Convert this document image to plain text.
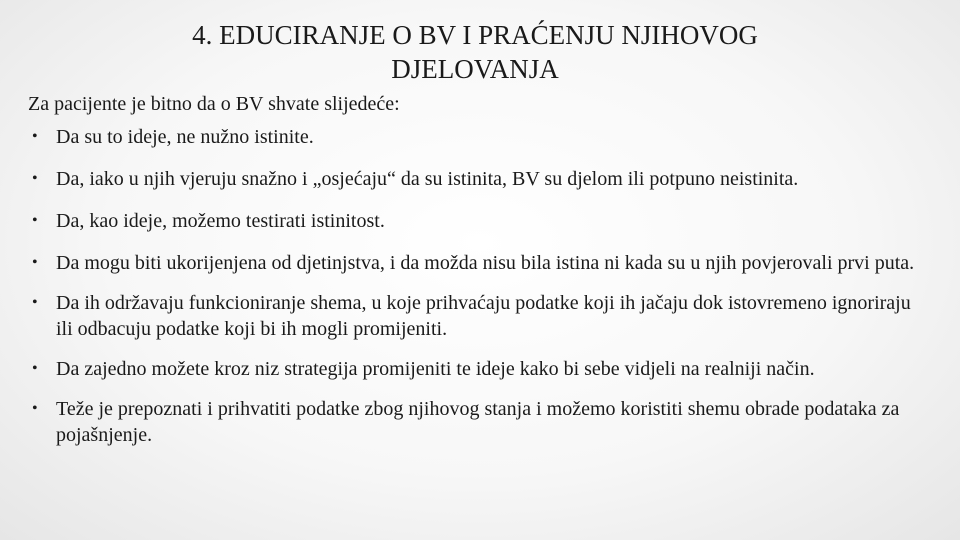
4. EDUCIRANJE O BV I PRAĆENJU NJIHOVOG
DJELOVANJA

Za pacijente je bitno da o BV shvate slijedeće:

• Da su to ideje, ne nužno istinite.
• Da, iako u njih vjeruju snažno i „osjećaju“ da su istinita, BV su djelom ili potpuno neistinita.
• Da, kao ideje, možemo testirati istinitost.
• Da mogu biti ukorijenjena od djetinjstva, i da možda nisu bila istina ni kada su u njih povjerovali prvi puta.
• Da ih održavaju funkcioniranje shema, u koje prihvaćaju podatke koji ih jačaju dok istovremeno ignoriraju ili odbacuju podatke koji bi ih mogli promijeniti.
• Da zajedno možete kroz niz strategija promijeniti te ideje kako bi sebe vidjeli na realniji način.
• Teže je prepoznati i prihvatiti podatke zbog njihovog stanja i možemo koristiti shemu obrade podataka za pojašnjenje.
